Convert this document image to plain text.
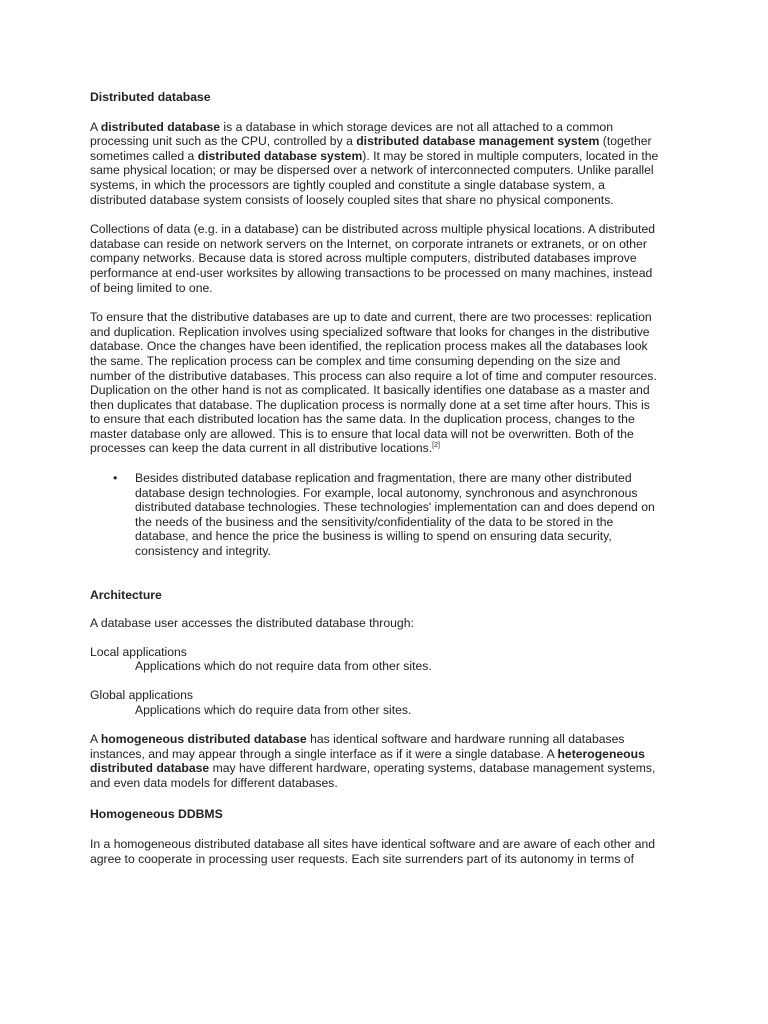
Distributed database

A distributed database is a database in which storage devices are not all attached to a common
processing unit such as the CPU, controlled by a distributed database management system (together
sometimes called a distributed database system). It may be stored in multiple computers, located in the
same physical location; or may be dispersed over a network of interconnected computers. Unlike parallel
systems, in which the processors are tightly coupled and constitute a single database system, a
distributed database system consists of loosely coupled sites that share no physical components.

Collections of data (e.g. in a database) can be distributed across multiple physical locations. A distributed
database can reside on network servers on the Internet, on corporate intranets or extranets, or on other
company networks. Because data is stored across multiple computers, distributed databases improve
performance at end-user worksites by allowing transactions to be processed on many machines, instead
of being limited to one.

To ensure that the distributive databases are up to date and current, there are two processes: replication
and duplication. Replication involves using specialized software that looks for changes in the distributive
database. Once the changes have been identified, the replication process makes all the databases look
the same. The replication process can be complex and time consuming depending on the size and
number of the distributive databases. This process can also require a lot of time and computer resources.
Duplication on the other hand is not as complicated. It basically identifies one database as a master and
then duplicates that database. The duplication process is normally done at a set time after hours. This is
to ensure that each distributed location has the same data. In the duplication process, changes to the
master database only are allowed. This is to ensure that local data will not be overwritten. Both of the
processes can keep the data current in all distributive locations.[2]

• Besides distributed database replication and fragmentation, there are many other distributed
database design technologies. For example, local autonomy, synchronous and asynchronous
distributed database technologies. These technologies' implementation can and does depend on
the needs of the business and the sensitivity/confidentiality of the data to be stored in the
database, and hence the price the business is willing to spend on ensuring data security,
consistency and integrity.

Architecture

A database user accesses the distributed database through:

Local applications

Applications which do not require data from other sites.

Global applications

Applications which do require data from other sites.

A homogeneous distributed database has identical software and hardware running all databases
instances, and may appear through a single interface as if it were a single database. A heterogeneous
distributed database may have different hardware, operating systems, database management systems,
and even data models for different databases.

Homogeneous DDBMS

In a homogeneous distributed database all sites have identical software and are aware of each other and
agree to cooperate in processing user requests. Each site surrenders part of its autonomy in terms of
